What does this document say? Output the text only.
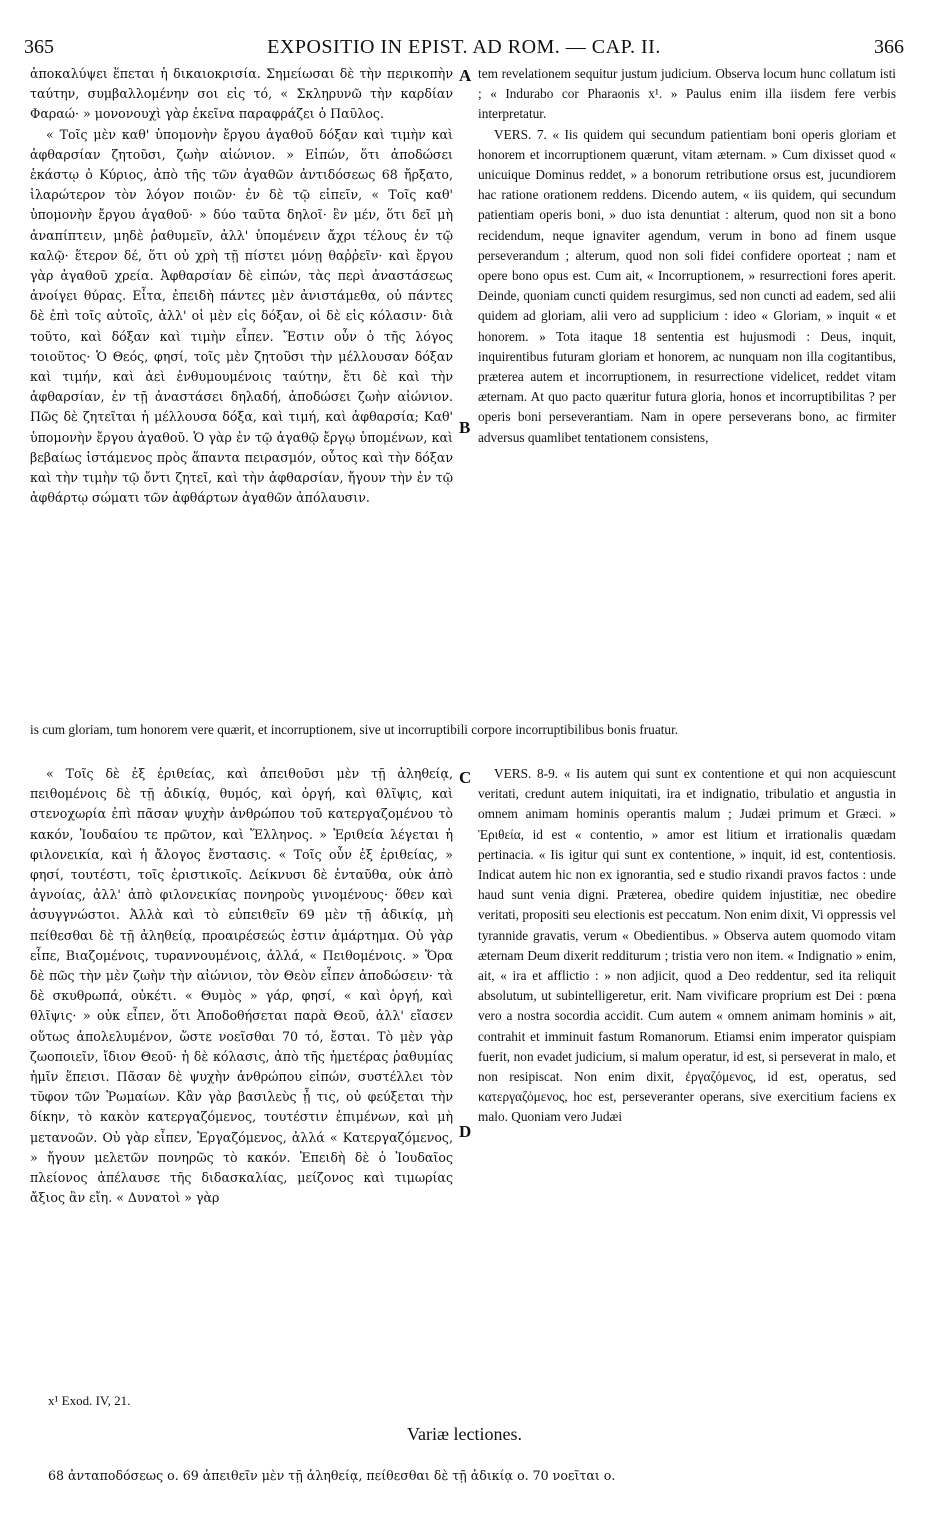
365	EXPOSITIO IN EPIST. AD ROM. — CAP. II.	366

ἀποκαλύψει ἕπεται ἡ δικαιοκρισία. Σημείωσαι δὲ τὴν περικοπὴν ταύτην, συμβαλλομένην σοι εἰς τό, « Σκληρυνῶ τὴν καρδίαν Φαραώ· » μονονουχὶ γὰρ ἐκεῖνα παραφράζει ὁ Παῦλος.

« Τοῖς μὲν καθ' ὑπομονὴν ἔργου ἀγαθοῦ δόξαν καὶ τιμὴν καὶ ἀφθαρσίαν ζητοῦσι, ζωὴν αἰώνιον. » Εἰπών, ὅτι ἀποδώσει ἑκάστῳ ὁ Κύριος, ἀπὸ τῆς τῶν ἀγαθῶν ἀντιδόσεως 68 ἤρξατο, ἱλαρώτερον τὸν λόγον ποιῶν· ἐν δὲ τῷ εἰπεῖν, « Τοῖς καθ' ὑπομονὴν ἔργου ἀγαθοῦ· » δύο ταῦτα δηλοῖ· ἓν μέν, ὅτι δεῖ μὴ ἀναπίπτειν, μηδὲ ῥαθυμεῖν, ἀλλ' ὑπομένειν ἄχρι τέλους ἐν τῷ καλῷ· ἕτερον δέ, ὅτι οὐ χρὴ τῇ πίστει μόνῃ θαῤῥεῖν· καὶ ἔργου γὰρ ἀγαθοῦ χρεία. Ἀφθαρσίαν δὲ εἰπών, τὰς περὶ ἀναστάσεως ἀνοίγει θύρας. Εἶτα, ἐπειδὴ πάντες μὲν ἀνιστάμεθα, οὐ πάντες δὲ ἐπὶ τοῖς αὐτοῖς, ἀλλ' οἱ μὲν εἰς δόξαν, οἱ δὲ εἰς κόλασιν· διὰ τοῦτο, καὶ δόξαν καὶ τιμὴν εἶπεν. Ἔστιν οὖν ὁ τῆς λόγος τοιοῦτος· Ὁ Θεός, φησί, τοῖς μὲν ζητοῦσι τὴν μέλλουσαν δόξαν καὶ τιμήν, καὶ ἀεὶ ἐνθυμουμένοις ταύτην, ἔτι δὲ καὶ τὴν ἀφθαρσίαν, ἐν τῇ ἀναστάσει δηλαδή, ἀποδώσει ζωὴν αἰώνιον. Πῶς δὲ ζητεῖται ἡ μέλλουσα δόξα, καὶ τιμή, καὶ ἀφθαρσία; Καθ' ὑπομονὴν ἔργου ἀγαθοῦ. Ὁ γὰρ ἐν τῷ ἀγαθῷ ἔργῳ ὑπομένων, καὶ βεβαίως ἱστάμενος πρὸς ἅπαντα πειρασμόν, οὗτος καὶ τὴν δόξαν καὶ τὴν τιμὴν τῷ ὄντι ζητεῖ, καὶ τὴν ἀφθαρσίαν, ἤγουν τὴν ἐν τῷ ἀφθάρτῳ σώματι τῶν ἀφθάρτων ἀγαθῶν ἀπόλαυσιν.

tem revelationem sequitur justum judicium. Observa locum hunc collatum isti ; « Indurabo cor Pharaonis x¹. » Paulus enim illa iisdem fere verbis interpretatur.

VERS. 7. « Iis quidem qui secundum patientiam boni operis gloriam et honorem et incorruptionem quærunt, vitam æternam. » Cum dixisset quod « unicuique Dominus reddet, » a bonorum retributione orsus est, jucundiorem hac ratione orationem reddens. Dicendo autem, « iis quidem, qui secundum patientiam operis boni, » duo ista denuntiat : alterum, quod non sit a bono recidendum, neque ignaviter agendum, verum in bono ad finem usque perseverandum ; alterum, quod non soli fidei confidere oporteat ; nam et opere bono opus est. Cum ait, « Incorruptionem, » resurrectioni fores aperit. Deinde, quoniam cuncti quidem resurgimus, sed non cuncti ad eadem, sed alii quidem ad gloriam, alii vero ad supplicium : ideo « Gloriam, » inquit « et honorem. » Tota itaque 18 sententia est hujusmodi : Deus, inquit, inquirentibus futuram gloriam et honorem, ac nunquam non illa cogitantibus, præterea autem et incorruptionem, in resurrectione videlicet, reddet vitam æternam. At quo pacto quæritur futura gloria, honos et incorruptibilitas ? per operis boni perseverantiam. Nam in opere perseverans bono, ac firmiter adversus quamlibet tentationem consistens,

is cum gloriam, tum honorem vere quærit, et incorruptionem, sive ut incorruptibili corpore incorruptibilibus bonis fruatur.

« Τοῖς δὲ ἐξ ἐριθείας, καὶ ἀπειθοῦσι μὲν τῇ ἀληθείᾳ, πειθομένοις δὲ τῇ ἀδικίᾳ, θυμός, καὶ ὀργή, καὶ θλῖψις, καὶ στενοχωρία ἐπὶ πᾶσαν ψυχὴν ἀνθρώπου τοῦ κατεργαζομένου τὸ κακόν, Ἰουδαίου τε πρῶτον, καὶ Ἕλληνος. » Ἐριθεία λέγεται ἡ φιλονεικία, καὶ ἡ ἄλογος ἔνστασις. « Τοῖς οὖν ἐξ ἐριθείας, » φησί, τουτέστι, τοῖς ἐριστικοῖς. Δείκνυσι δὲ ἐνταῦθα, οὐκ ἀπὸ ἀγνοίας, ἀλλ' ἀπὸ φιλονεικίας πονηροὺς γινομένους· ὅθεν καὶ ἀσυγγνώστοι. Ἀλλὰ καὶ τὸ εὐπειθεῖν 69 μὲν τῇ ἀδικίᾳ, μὴ πείθεσθαι δὲ τῇ ἀληθείᾳ, προαιρέσεώς ἐστιν ἁμάρτημα. Οὐ γὰρ εἶπε, Βιαζομένοις, τυραννουμένοις, ἀλλά, « Πειθομένοις. » Ὅρα δὲ πῶς τὴν μὲν ζωὴν τὴν αἰώνιον, τὸν Θεὸν εἶπεν ἀποδώσειν· τὰ δὲ σκυθρωπά, οὐκέτι. « Θυμὸς » γάρ, φησί, « καὶ ὀργή, καὶ θλῖψις· » οὐκ εἶπεν, ὅτι Ἀποδοθήσεται παρὰ Θεοῦ, ἀλλ' εἴασεν οὕτως ἀπολελυμένον, ὥστε νοεῖσθαι 70 τό, ἔσται. Τὸ μὲν γὰρ ζωοποιεῖν, ἴδιον Θεοῦ· ἡ δὲ κόλασις, ἀπὸ τῆς ἡμετέρας ῥαθυμίας ἡμῖν ἕπεισι. Πᾶσαν δὲ ψυχὴν ἀνθρώπου εἰπών, συστέλλει τὸν τῦφον τῶν Ῥωμαίων. Κἂν γὰρ βασιλεὺς ᾖ τις, οὐ φεύξεται τὴν δίκην, τὸ κακὸν κατεργαζόμενος, τουτέστιν ἐπιμένων, καὶ μὴ μετανοῶν. Οὐ γὰρ εἶπεν, Ἐργαζόμενος, ἀλλά « Κατεργαζόμενος, » ἤγουν μελετῶν πονηρῶς τὸ κακόν. Ἐπειδὴ δὲ ὁ Ἰουδαῖος πλείονος ἀπέλαυσε τῆς διδασκαλίας, μείζονος καὶ τιμωρίας ἄξιος ἂν εἴη. « Δυνατοὶ » γὰρ

VERS. 8-9. « Iis autem qui sunt ex contentione et qui non acquiescunt veritati, credunt autem iniquitati, ira et indignatio, tribulatio et angustia in omnem animam hominis operantis malum ; Judæi primum et Græci. » Ἐριθεία, id est « contentio, » amor est litium et irrationalis quædam pertinacia. « Iis igitur qui sunt ex contentione, » inquit, id est, contentiosis. Indicat autem hic non ex ignorantia, sed e studio rixandi pravos factos : unde haud sunt venia digni. Præterea, obedire quidem injustitiæ, nec obedire veritati, propositi seu electionis est peccatum. Non enim dixit, Vi oppressis vel tyrannide gravatis, verum « Obedientibus. » Observa autem quomodo vitam æternam Deum dixerit redditurum ; tristia vero non item. « Indignatio » enim, ait, « ira et afflictio : » non adjicit, quod a Deo reddentur, sed ita reliquit absolutum, ut subintelligeretur, erit. Nam vivificare proprium est Dei : pœna vero a nostra socordia accidit. Cum autem « omnem animam hominis » ait, contrahit et imminuit fastum Romanorum. Etiamsi enim imperator quispiam fuerit, non evadet judicium, si malum operatur, id est, si perseverat in malo, et non resipiscat. Non enim dixit, ἐργαζόμενος, id est, operatus, sed κατεργαζόμενος, hoc est, perseveranter operans, sive exercitium faciens ex malo. Quoniam vero Judæi

A
B
C
D
x¹ Exod. IV, 21.
Variæ lectiones.
68 ἀνταποδόσεως ο. 69 ἀπειθεῖν μὲν τῇ ἀληθείᾳ, πείθεσθαι δὲ τῇ ἀδικίᾳ ο. 70 νοεῖται ο.
